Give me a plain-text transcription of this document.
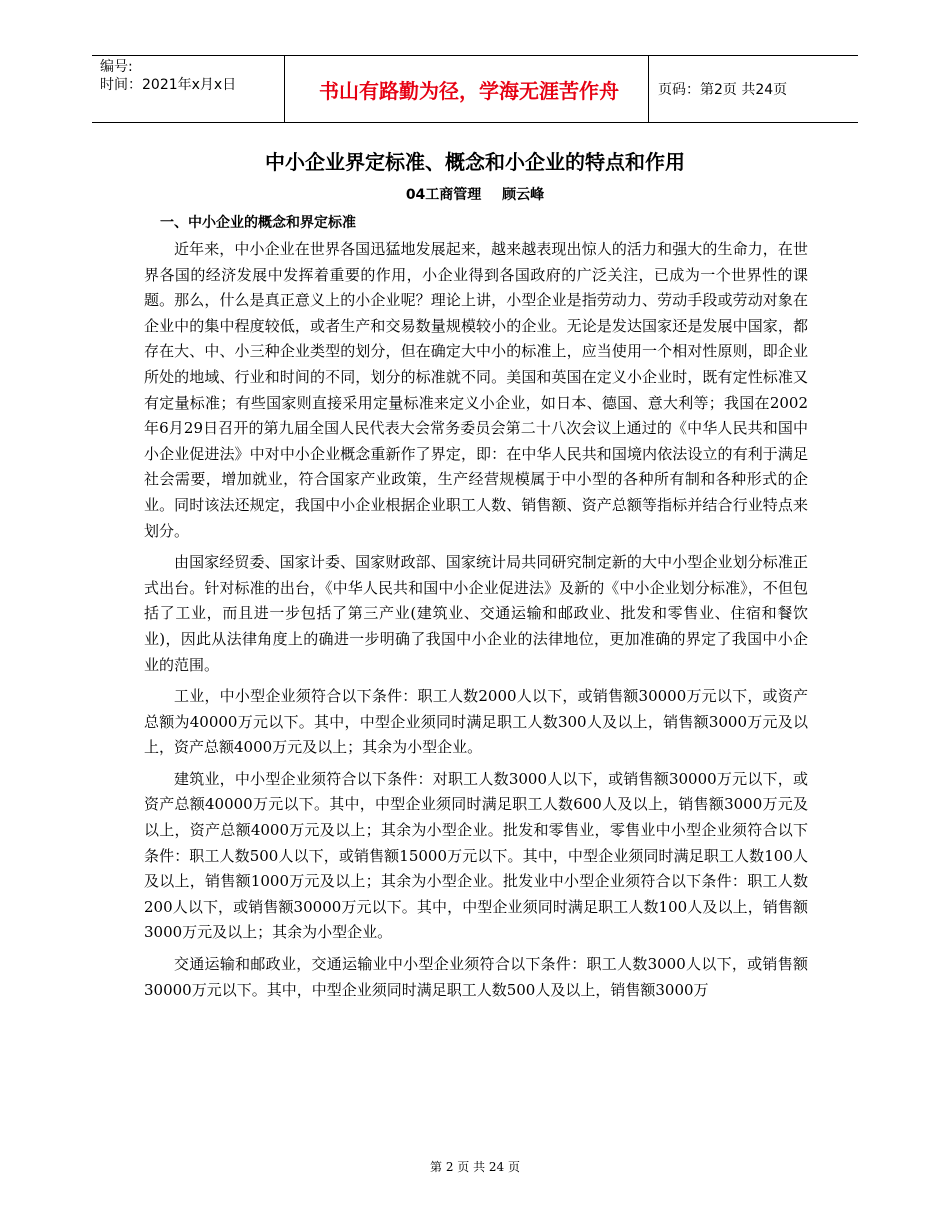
编号:
时间：2021年x月x日	书山有路勤为径，学海无涯苦作舟	页码：第2页 共24页
中小企业界定标准、概念和小企业的特点和作用
04工商管理 顾云峰
一、中小企业的概念和界定标准

近年来，中小企业在世界各国迅猛地发展起来，越来越表现出惊人的活力和强大的生命力，在世界各国的经济发展中发挥着重要的作用，小企业得到各国政府的广泛关注，已成为一个世界性的课题。那么，什么是真正意义上的小企业呢？理论上讲，小型企业是指劳动力、劳动手段或劳动对象在企业中的集中程度较低，或者生产和交易数量规模较小的企业。无论是发达国家还是发展中国家，都存在大、中、小三种企业类型的划分，但在确定大中小的标准上，应当使用一个相对性原则，即企业所处的地域、行业和时间的不同，划分的标准就不同。美国和英国在定义小企业时，既有定性标准又有定量标准；有些国家则直接采用定量标准来定义小企业，如日本、德国、意大利等；我国在2002年6月29日召开的第九届全国人民代表大会常务委员会第二十八次会议上通过的《中华人民共和国中小企业促进法》中对中小企业概念重新作了界定，即：在中华人民共和国境内依法设立的有利于满足社会需要，增加就业，符合国家产业政策，生产经营规模属于中小型的各种所有制和各种形式的企业。同时该法还规定，我国中小企业根据企业职工人数、销售额、资产总额等指标并结合行业特点来划分。

由国家经贸委、国家计委、国家财政部、国家统计局共同研究制定新的大中小型企业划分标准正式出台。针对标准的出台，《中华人民共和国中小企业促进法》及新的《中小企业划分标准》，不但包括了工业，而且进一步包括了第三产业(建筑业、交通运输和邮政业、批发和零售业、住宿和餐饮业)，因此从法律角度上的确进一步明确了我国中小企业的法律地位，更加准确的界定了我国中小企业的范围。

工业，中小型企业须符合以下条件：职工人数2000人以下，或销售额30000万元以下，或资产总额为40000万元以下。其中，中型企业须同时满足职工人数300人及以上，销售额3000万元及以上，资产总额4000万元及以上；其余为小型企业。

建筑业，中小型企业须符合以下条件：对职工人数3000人以下，或销售额30000万元以下，或资产总额40000万元以下。其中，中型企业须同时满足职工人数600人及以上，销售额3000万元及以上，资产总额4000万元及以上；其余为小型企业。批发和零售业，零售业中小型企业须符合以下条件：职工人数500人以下，或销售额15000万元以下。其中，中型企业须同时满足职工人数100人及以上，销售额1000万元及以上；其余为小型企业。批发业中小型企业须符合以下条件：职工人数200人以下，或销售额30000万元以下。其中，中型企业须同时满足职工人数100人及以上，销售额3000万元及以上；其余为小型企业。

交通运输和邮政业，交通运输业中小型企业须符合以下条件：职工人数3000人以下，或销售额30000万元以下。其中，中型企业须同时满足职工人数500人及以上，销售额3000万

第 2 页 共 24 页
